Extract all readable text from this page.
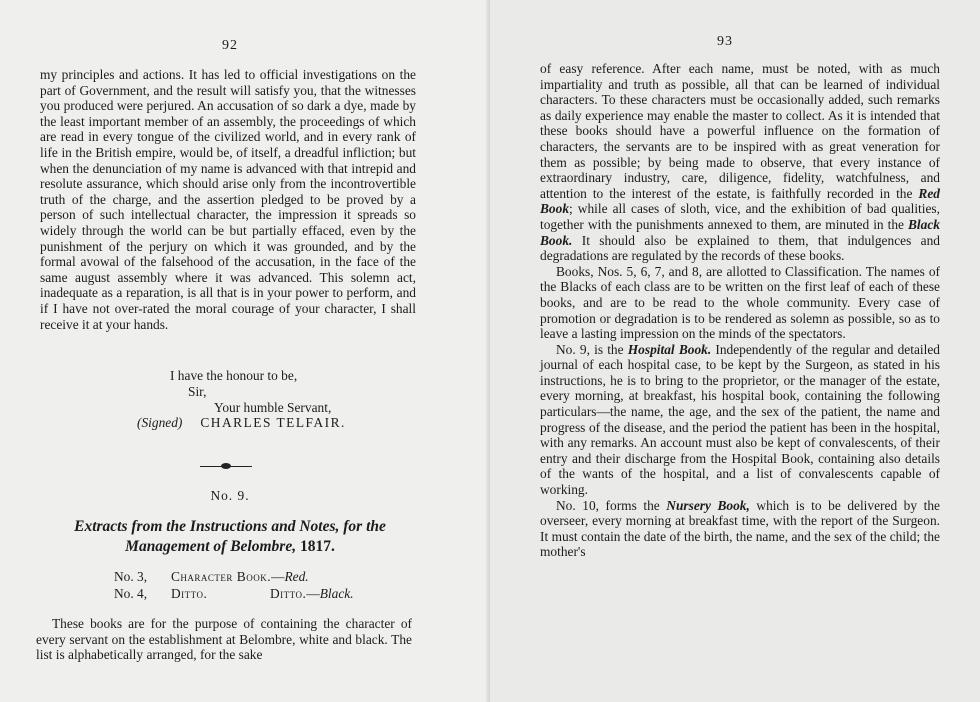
92

my principles and actions. It has led to official investigations on the part of Government, and the result will satisfy you, that the witnesses you produced were perjured. An accusation of so dark a dye, made by the least important member of an assembly, the proceedings of which are read in every tongue of the civilized world, and in every rank of life in the British empire, would be, of itself, a dreadful infliction; but when the denunciation of my name is advanced with that intrepid and resolute assurance, which should arise only from the incontrovertible truth of the charge, and the assertion pledged to be proved by a person of such intellectual character, the impression it spreads so widely through the world can be but partially effaced, even by the punishment of the perjury on which it was grounded, and by the formal avowal of the falsehood of the accusation, in the face of the same august assembly where it was advanced. This solemn act, inadequate as a reparation, is all that is in your power to perform, and if I have not over-rated the moral courage of your character, I shall receive it at your hands.

I have the honour to be,
Sir,
Your humble Servant,
(Signed) CHARLES TELFAIR.
No. 9.
Extracts from the Instructions and Notes, for the Management of Belombre, 1817.
No. 3, Character Book.—Red.
No. 4, Ditto.	Ditto.—Black.

These books are for the purpose of containing the character of every servant on the establishment at Belombre, white and black. The list is alphabetically arranged, for the sake

93

of easy reference. After each name, must be noted, with as much impartiality and truth as possible, all that can be learned of individual characters. To these characters must be occasionally added, such remarks as daily experience may enable the master to collect. As it is intended that these books should have a powerful influence on the formation of characters, the servants are to be inspired with as great veneration for them as possible; by being made to observe, that every instance of extraordinary industry, care, diligence, fidelity, watchfulness, and attention to the interest of the estate, is faithfully recorded in the Red Book; while all cases of sloth, vice, and the exhibition of bad qualities, together with the punishments annexed to them, are minuted in the Black Book. It should also be explained to them, that indulgences and degradations are regulated by the records of these books.

Books, Nos. 5, 6, 7, and 8, are allotted to Classification. The names of the Blacks of each class are to be written on the first leaf of each of these books, and are to be read to the whole community. Every case of promotion or degradation is to be rendered as solemn as possible, so as to leave a lasting impression on the minds of the spectators.

No. 9, is the Hospital Book. Independently of the regular and detailed journal of each hospital case, to be kept by the Surgeon, as stated in his instructions, he is to bring to the proprietor, or the manager of the estate, every morning, at breakfast, his hospital book, containing the following particulars—the name, the age, and the sex of the patient, the name and progress of the disease, and the period the patient has been in the hospital, with any remarks. An account must also be kept of convalescents, of their entry and their discharge from the Hospital Book, containing also details of the wants of the hospital, and a list of convalescents capable of working.

No. 10, forms the Nursery Book, which is to be delivered by the overseer, every morning at breakfast time, with the report of the Surgeon. It must contain the date of the birth, the name, and the sex of the child; the mother's
